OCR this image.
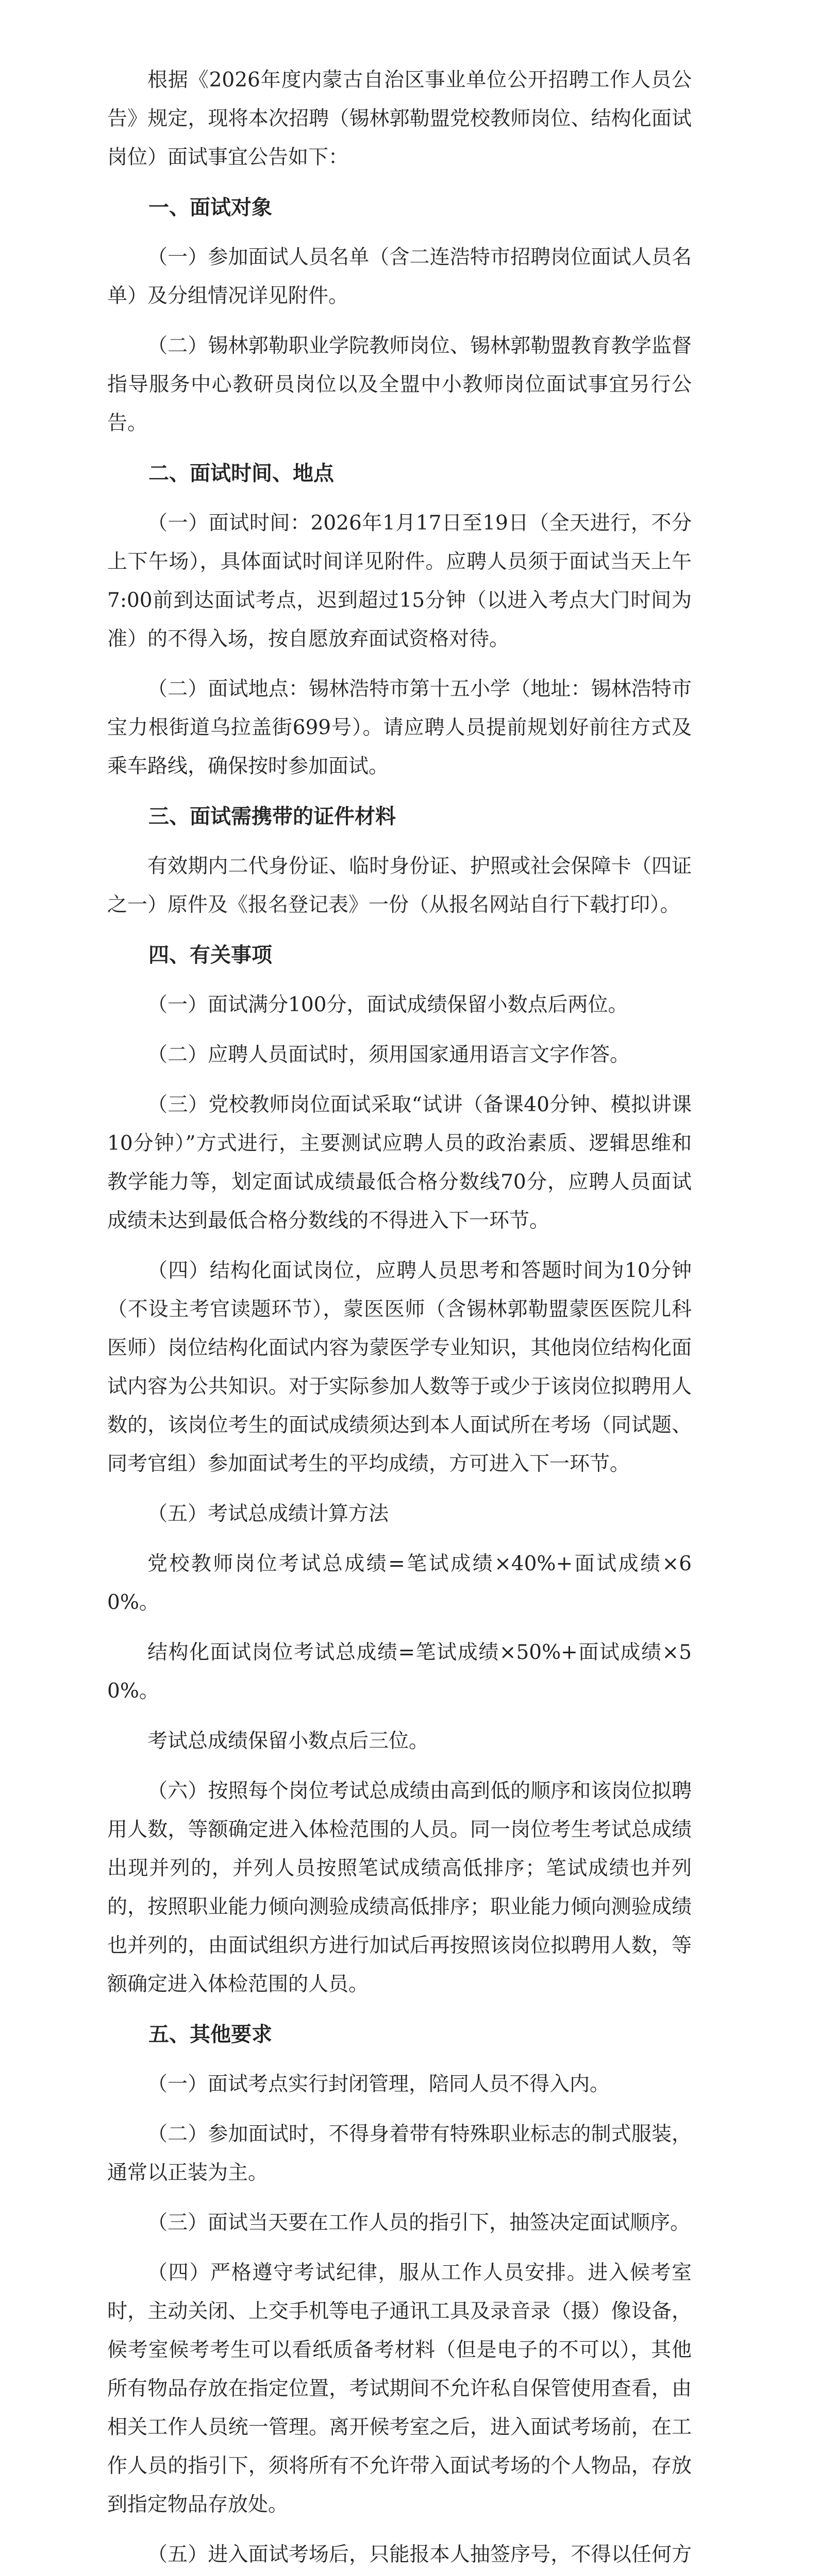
根据《2026年度内蒙古自治区事业单位公开招聘工作人员公告》规定，现将本次招聘（锡林郭勒盟党校教师岗位、结构化面试岗位）面试事宜公告如下：

一、面试对象

（一）参加面试人员名单（含二连浩特市招聘岗位面试人员名单）及分组情况详见附件。

（二）锡林郭勒职业学院教师岗位、锡林郭勒盟教育教学监督指导服务中心教研员岗位以及全盟中小教师岗位面试事宜另行公告。

二、面试时间、地点

（一）面试时间：2026年1月17日至19日（全天进行，不分上下午场），具体面试时间详见附件。应聘人员须于面试当天上午7:00前到达面试考点，迟到超过15分钟（以进入考点大门时间为准）的不得入场，按自愿放弃面试资格对待。

（二）面试地点：锡林浩特市第十五小学（地址：锡林浩特市宝力根街道乌拉盖街699号）。请应聘人员提前规划好前往方式及乘车路线，确保按时参加面试。

三、面试需携带的证件材料

有效期内二代身份证、临时身份证、护照或社会保障卡（四证之一）原件及《报名登记表》一份（从报名网站自行下载打印）。

四、有关事项

（一）面试满分100分，面试成绩保留小数点后两位。

（二）应聘人员面试时，须用国家通用语言文字作答。

（三）党校教师岗位面试采取“试讲（备课40分钟、模拟讲课10分钟）”方式进行，主要测试应聘人员的政治素质、逻辑思维和教学能力等，划定面试成绩最低合格分数线70分，应聘人员面试成绩未达到最低合格分数线的不得进入下一环节。

（四）结构化面试岗位，应聘人员思考和答题时间为10分钟（不设主考官读题环节），蒙医医师（含锡林郭勒盟蒙医医院儿科医师）岗位结构化面试内容为蒙医学专业知识，其他岗位结构化面试内容为公共知识。对于实际参加人数等于或少于该岗位拟聘用人数的，该岗位考生的面试成绩须达到本人面试所在考场（同试题、同考官组）参加面试考生的平均成绩，方可进入下一环节。

（五）考试总成绩计算方法

党校教师岗位考试总成绩=笔试成绩×40%+面试成绩×60%。

结构化面试岗位考试总成绩=笔试成绩×50%+面试成绩×50%。

考试总成绩保留小数点后三位。

（六）按照每个岗位考试总成绩由高到低的顺序和该岗位拟聘用人数，等额确定进入体检范围的人员。同一岗位考生考试总成绩出现并列的，并列人员按照笔试成绩高低排序；笔试成绩也并列的，按照职业能力倾向测验成绩高低排序；职业能力倾向测验成绩也并列的，由面试组织方进行加试后再按照该岗位拟聘用人数，等额确定进入体检范围的人员。

五、其他要求

（一）面试考点实行封闭管理，陪同人员不得入内。

（二）参加面试时，不得身着带有特殊职业标志的制式服装，通常以正装为主。

（三）面试当天要在工作人员的指引下，抽签决定面试顺序。

（四）严格遵守考试纪律，服从工作人员安排。进入候考室时，主动关闭、上交手机等电子通讯工具及录音录（摄）像设备，候考室候考考生可以看纸质备考材料（但是电子的不可以），其他所有物品存放在指定位置，考试期间不允许私自保管使用查看，由相关工作人员统一管理。离开候考室之后，进入面试考场前，在工作人员的指引下，须将所有不允许带入面试考场的个人物品，存放到指定物品存放处。

（五）进入面试考场后，只能报本人抽签序号，不得以任何方
